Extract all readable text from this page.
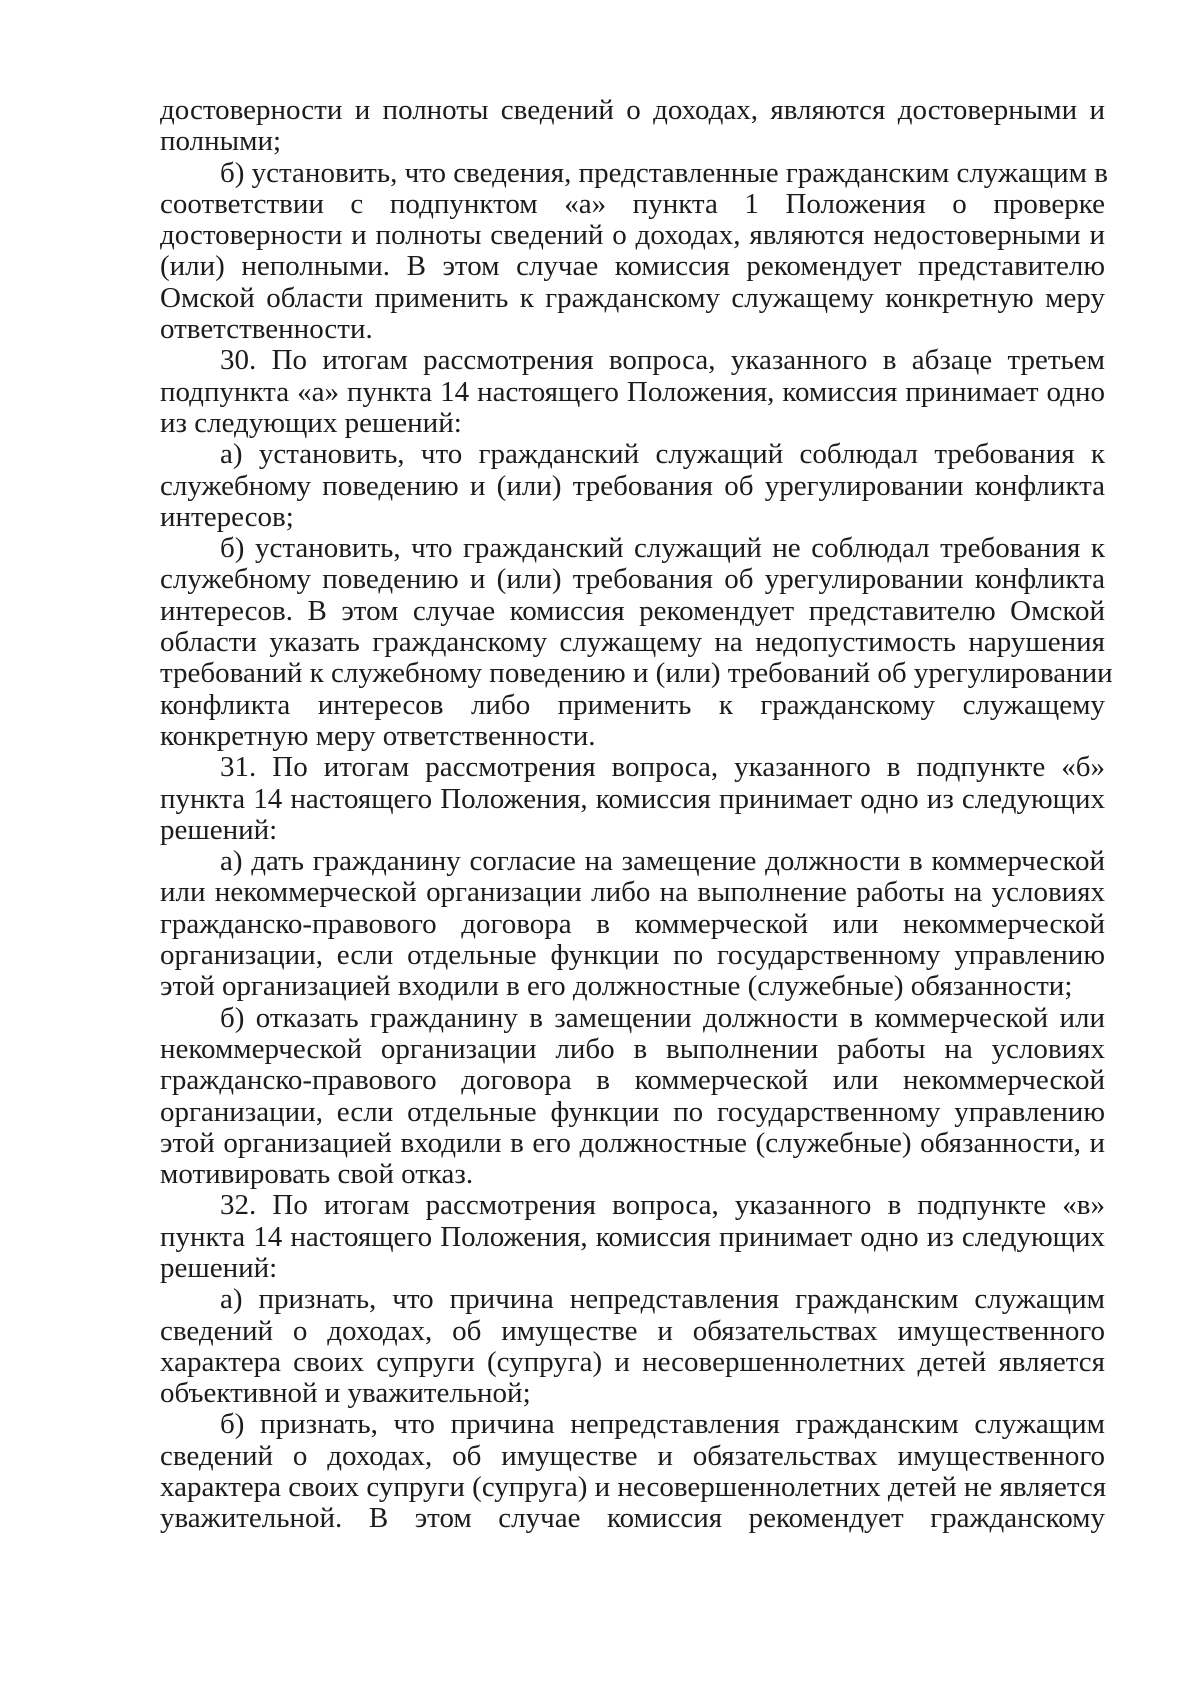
достоверности и полноты сведений о доходах, являются достоверными и
полными;
б) установить, что сведения, представленные гражданским служащим в
соответствии с подпунктом «а» пункта 1 Положения о проверке
достоверности и полноты сведений о доходах, являются недостоверными и
(или) неполными. В этом случае комиссия рекомендует представителю
Омской области применить к гражданскому служащему конкретную меру
ответственности.
30. По итогам рассмотрения вопроса, указанного в абзаце третьем
подпункта «а» пункта 14 настоящего Положения, комиссия принимает одно
из следующих решений:
а) установить, что гражданский служащий соблюдал требования к
служебному поведению и (или) требования об урегулировании конфликта
интересов;
б) установить, что гражданский служащий не соблюдал требования к
служебному поведению и (или) требования об урегулировании конфликта
интересов. В этом случае комиссия рекомендует представителю Омской
области указать гражданскому служащему на недопустимость нарушения
требований к служебному поведению и (или) требований об урегулировании
конфликта интересов либо применить к гражданскому служащему
конкретную меру ответственности.
31. По итогам рассмотрения вопроса, указанного в подпункте «б»
пункта 14 настоящего Положения, комиссия принимает одно из следующих
решений:
а) дать гражданину согласие на замещение должности в коммерческой
или некоммерческой организации либо на выполнение работы на условиях
гражданско-правового договора в коммерческой или некоммерческой
организации, если отдельные функции по государственному управлению
этой организацией входили в его должностные (служебные) обязанности;
б) отказать гражданину в замещении должности в коммерческой или
некоммерческой организации либо в выполнении работы на условиях
гражданско-правового договора в коммерческой или некоммерческой
организации, если отдельные функции по государственному управлению
этой организацией входили в его должностные (служебные) обязанности, и
мотивировать свой отказ.
32. По итогам рассмотрения вопроса, указанного в подпункте «в»
пункта 14 настоящего Положения, комиссия принимает одно из следующих
решений:
а) признать, что причина непредставления гражданским служащим
сведений о доходах, об имуществе и обязательствах имущественного
характера своих супруги (супруга) и несовершеннолетних детей является
объективной и уважительной;
б) признать, что причина непредставления гражданским служащим
сведений о доходах, об имуществе и обязательствах имущественного
характера своих супруги (супруга) и несовершеннолетних детей не является
уважительной. В этом случае комиссия рекомендует гражданскому
